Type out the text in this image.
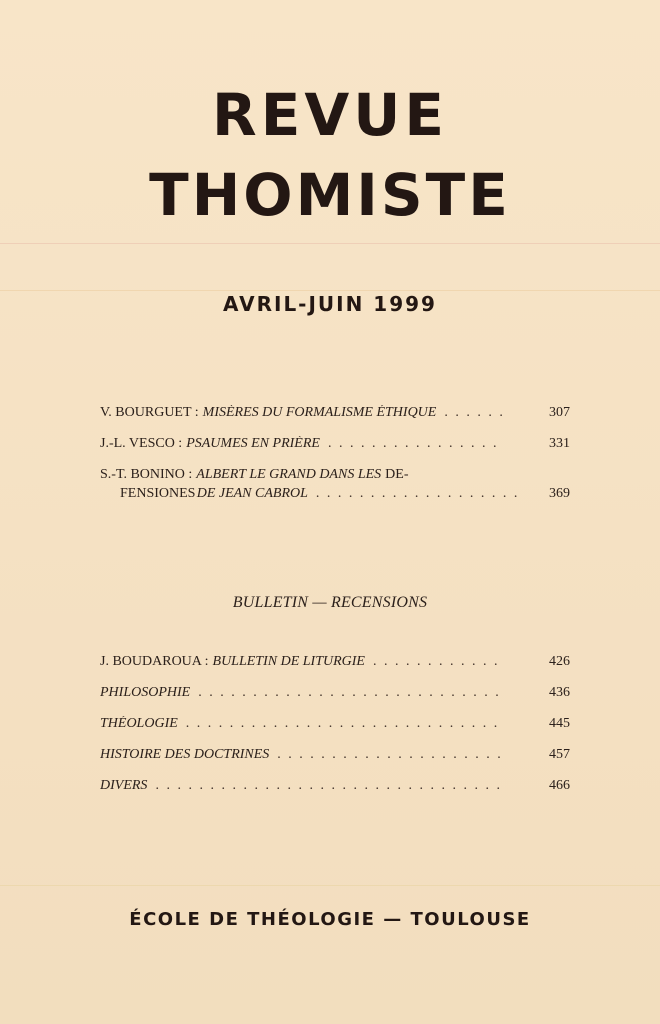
REVUE
THOMISTE
AVRIL-JUIN 1999
V. BOURGUET : MISÈRES DU FORMALISME ÉTHIQUE . . .	307
J.-L. VESCO : PSAUMES EN PRIÈRE . . .	331
S.-T. BONINO : ALBERT LE GRAND DANS LES DE-
FENSIONES DE JEAN CABROL . . .	369
BULLETIN — RECENSIONS
J. BOUDAROUA : BULLETIN DE LITURGIE . . .	426
PHILOSOPHIE . . .	436
THÉOLOGIE . . .	445
HISTOIRE DES DOCTRINES . . .	457
DIVERS . . .	466
ÉCOLE DE THÉOLOGIE — TOULOUSE
